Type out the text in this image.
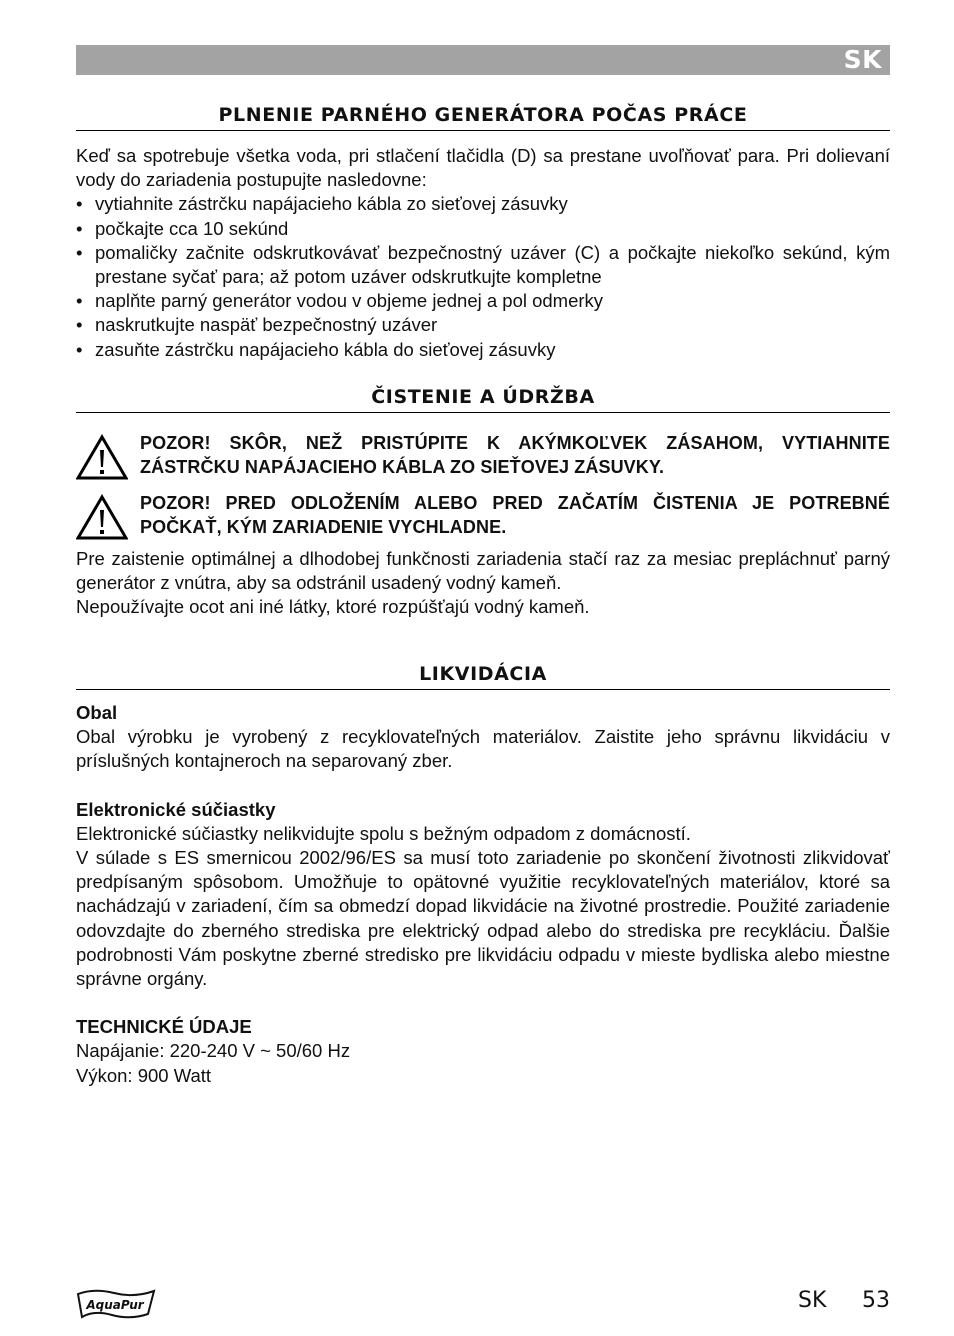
SK
PLNENIE PARNÉHO GENERÁTORA POČAS PRÁCE

Keď sa spotrebuje všetka voda, pri stlačení tlačidla (D) sa prestane uvoľňovať para. Pri dolievaní vody do zariadenia postupujte nasledovne:

• vytiahnite zástrčku napájacieho kábla zo sieťovej zásuvky
• počkajte cca 10 sekúnd
• pomaličky začnite odskrutkovávať bezpečnostný uzáver (C) a počkajte niekoľko sekúnd, kým prestane syčať para; až potom uzáver odskrutkujte kompletne
• naplňte parný generátor vodou v objeme jednej a pol odmerky
• naskrutkujte naspäť bezpečnostný uzáver
• zasuňte zástrčku napájacieho kábla do sieťovej zásuvky
ČISTENIE A ÚDRŽBA
POZOR! SKÔR, NEŽ PRISTÚPITE K AKÝMKOĽVEK ZÁSAHOM, VYTIAHNITE ZÁSTRČKU NAPÁJACIEHO KÁBLA ZO SIEŤOVEJ ZÁSUVKY.
POZOR! PRED ODLOŽENÍM ALEBO PRED ZAČATÍM ČISTENIA JE POTREBNÉ POČKAŤ, KÝM ZARIADENIE VYCHLADNE.

Pre zaistenie optimálnej a dlhodobej funkčnosti zariadenia stačí raz za mesiac prepláchnuť parný generátor z vnútra, aby sa odstránil usadený vodný kameň.

Nepoužívajte ocot ani iné látky, ktoré rozpúšťajú vodný kameň.

LIKVIDÁCIA

Obal

Obal výrobku je vyrobený z recyklovateľných materiálov. Zaistite jeho správnu likvidáciu v príslušných kontajneroch na separovaný zber.

Elektronické súčiastky

Elektronické súčiastky nelikvidujte spolu s bežným odpadom z domácností.

V súlade s ES smernicou 2002/96/ES sa musí toto zariadenie po skončení životnosti zlikvidovať predpísaným spôsobom. Umožňuje to opätovné využitie recyklovateľných materiálov, ktoré sa nachádzajú v zariadení, čím sa obmedzí dopad likvidácie na životné prostredie. Použité zariadenie odovzdajte do zberného strediska pre elektrický odpad alebo do strediska pre recykláciu. Ďalšie podrobnosti Vám poskytne zberné stredisko pre likvidáciu odpadu v mieste bydliska alebo miestne správne orgány.

TECHNICKÉ ÚDAJE

Napájanie: 220-240 V ~ 50/60 Hz

Výkon: 900 Watt

AquaPur	SK 53
